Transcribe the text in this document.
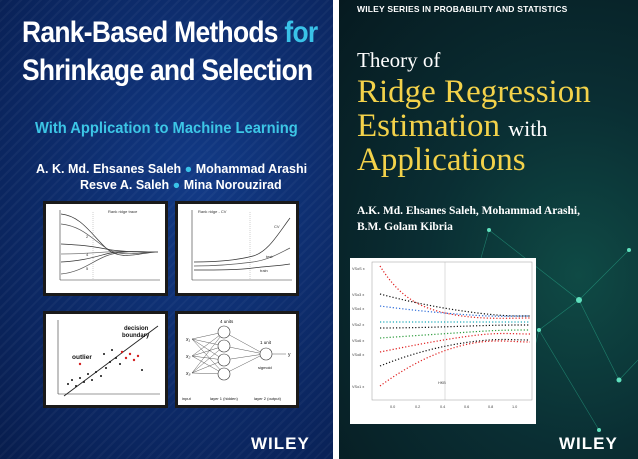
Rank-Based Methods for
Shrinkage and Selection
With Application to Machine Learning
A. K. Md. Ehsanes Saleh ● Mohammad Arashi
Resve A. Saleh ● Mina Norouzirad
Rank ridge trace
2
4
5
Rank ridge - CV
CV
test
train
outlier
decision
boundary
4 units
1 unit
sigmoid
x₁
x₂
x₃
y
input	layer 1 (hidden)	layer 2 (output)
WILEY
WILEY SERIES IN PROBABILITY AND STATISTICS
Theory of
Ridge Regression
Estimation with
Applications
A.K. Md. Ehsanes Saleh, Mohammad Arashi,
B.M. Golam Kibria
VSoS x
VSo3 x
VSo4 x
VSo2 x
VSo6 x
VSo8 x
VSo1 x
0.0	0.2	0.4	0.6	0.8	1.0
HKB
WILEY
